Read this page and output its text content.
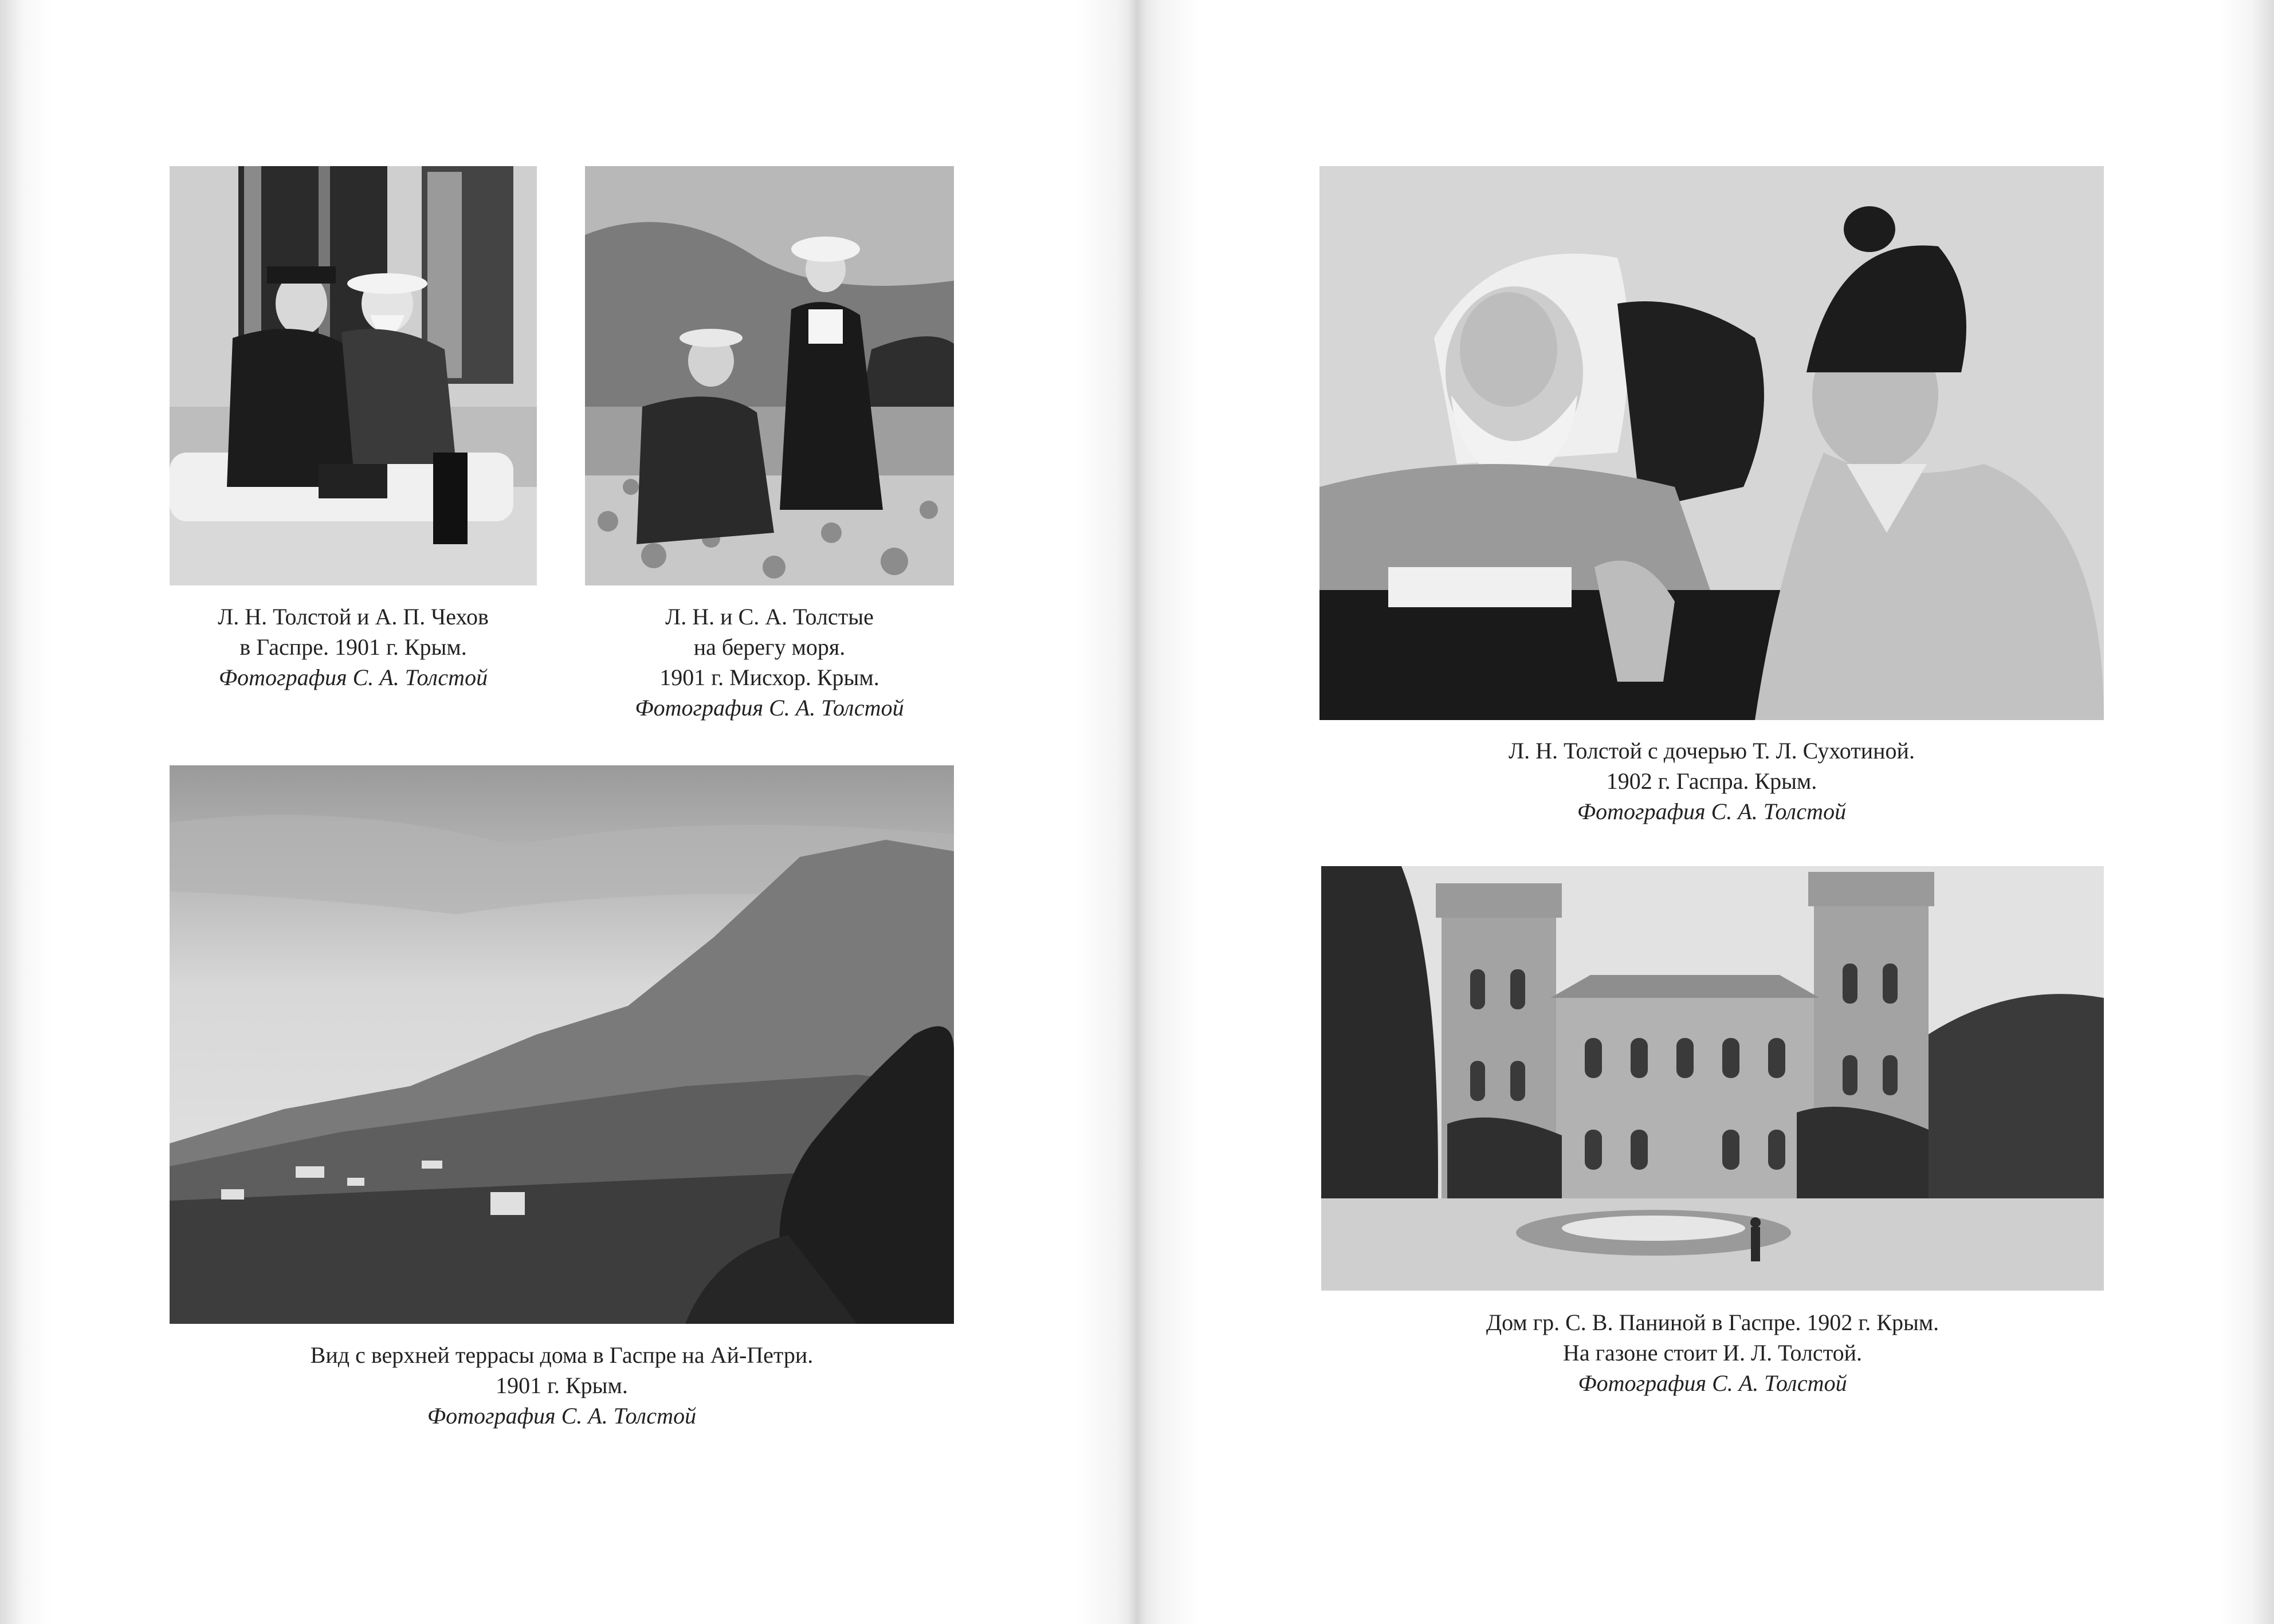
Л. Н. Толстой и А. П. Чехов
в Гаспре. 1901 г. Крым.
Фотография С. А. Толстой
Л. Н. и С. А. Толстые
на берегу моря.
1901 г. Мисхор. Крым.
Фотография С. А. Толстой
Вид с верхней террасы дома в Гаспре на Ай-Петри.
1901 г. Крым.
Фотография С. А. Толстой
Л. Н. Толстой с дочерью Т. Л. Сухотиной.
1902 г. Гаспра. Крым.
Фотография С. А. Толстой
Дом гр. С. В. Паниной в Гаспре. 1902 г. Крым.
На газоне стоит И. Л. Толстой.
Фотография С. А. Толстой
